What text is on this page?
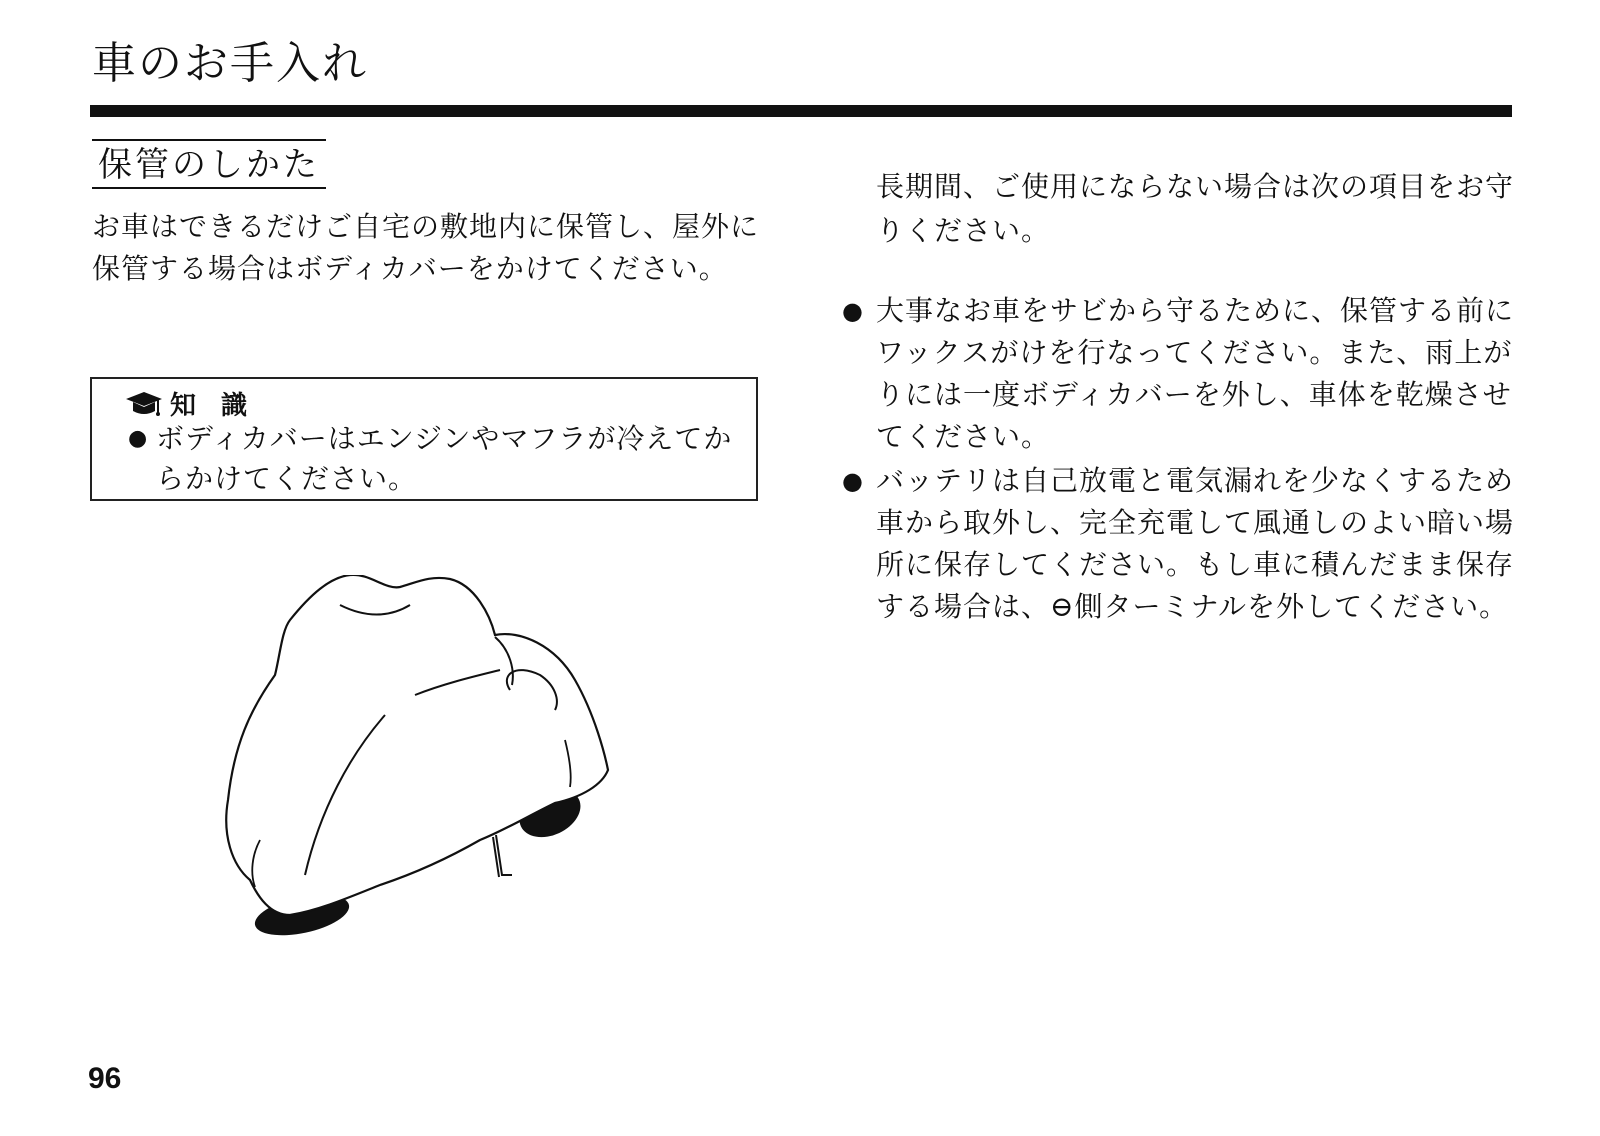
車のお手入れ
保管のしかた
お車はできるだけご自宅の敷地内に保管し、屋外に保管する場合はボディカバーをかけてください。
知 識
● ボディカバーはエンジンやマフラが冷えてからかけてください。
長期間、ご使用にならない場合は次の項目をお守りください。
● 大事なお車をサビから守るために、保管する前にワックスがけを行なってください。また、雨上がりには一度ボディカバーを外し、車体を乾燥させてください。
● バッテリは自己放電と電気漏れを少なくするため車から取外し、完全充電して風通しのよい暗い場所に保存してください。もし車に積んだまま保存する場合は、⊖側ターミナルを外してください。
96
